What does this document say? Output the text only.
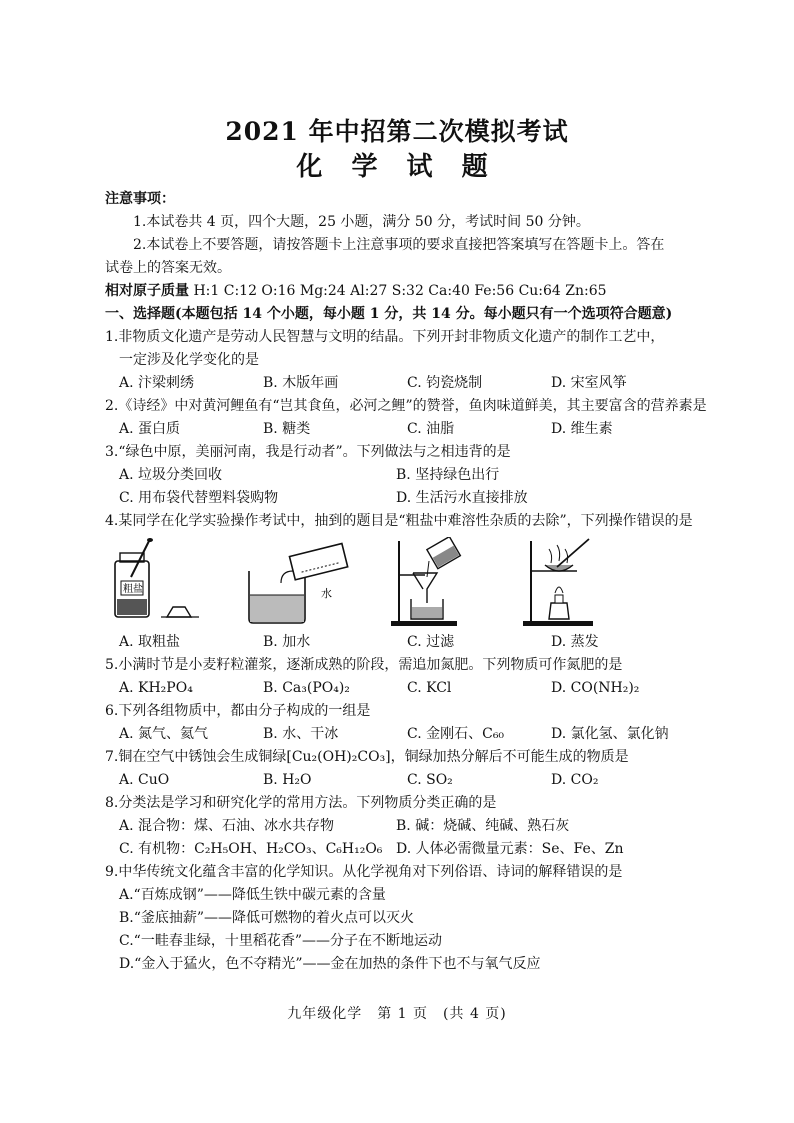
2021 年中招第二次模拟考试
化 学 试 题
注意事项：
1.本试卷共 4 页，四个大题，25 小题，满分 50 分，考试时间 50 分钟。
2.本试卷上不要答题，请按答题卡上注意事项的要求直接把答案填写在答题卡上。答在
试卷上的答案无效。
相对原子质量 H:1 C:12 O:16 Mg:24 Al:27 S:32 Ca:40 Fe:56 Cu:64 Zn:65
一、选择题(本题包括 14 个小题，每小题 1 分，共 14 分。每小题只有一个选项符合题意)
1.非物质文化遗产是劳动人民智慧与文明的结晶。下列开封非物质文化遗产的制作工艺中，
一定涉及化学变化的是
A. 汴梁刺绣	B. 木版年画	C. 钧瓷烧制	D. 宋室风筝
2.《诗经》中对黄河鲤鱼有“岂其食鱼，必河之鲤”的赞誉，鱼肉味道鲜美，其主要富含的营养素是
A. 蛋白质	B. 糖类	C. 油脂	D. 维生素
3.“绿色中原，美丽河南，我是行动者”。下列做法与之相违背的是
A. 垃圾分类回收	B. 坚持绿色出行
C. 用布袋代替塑料袋购物	D. 生活污水直接排放
4.某同学在化学实验操作考试中，抽到的题目是“粗盐中难溶性杂质的去除”，下列操作错误的是
粗盐	水
A. 取粗盐	B. 加水	C. 过滤	D. 蒸发
5.小满时节是小麦籽粒灌浆，逐渐成熟的阶段，需追加氮肥。下列物质可作氮肥的是
A. KH₂PO₄	B. Ca₃(PO₄)₂	C. KCl	D. CO(NH₂)₂
6.下列各组物质中，都由分子构成的一组是
A. 氮气、氦气	B. 水、干冰	C. 金刚石、C₆₀	D. 氯化氢、氯化钠
7.铜在空气中锈蚀会生成铜绿[Cu₂(OH)₂CO₃]，铜绿加热分解后不可能生成的物质是
A. CuO	B. H₂O	C. SO₂	D. CO₂
8.分类法是学习和研究化学的常用方法。下列物质分类正确的是
A. 混合物：煤、石油、冰水共存物	B. 碱：烧碱、纯碱、熟石灰
C. 有机物：C₂H₅OH、H₂CO₃、C₆H₁₂O₆ D. 人体必需微量元素：Se、Fe、Zn
9.中华传统文化蕴含丰富的化学知识。从化学视角对下列俗语、诗词的解释错误的是
A.“百炼成钢”——降低生铁中碳元素的含量
B.“釜底抽薪”——降低可燃物的着火点可以灭火
C.“一畦春韭绿，十里稻花香”——分子在不断地运动
D.“金入于猛火，色不夺精光”——金在加热的条件下也不与氧气反应
九年级化学　第 1 页　(共 4 页)
